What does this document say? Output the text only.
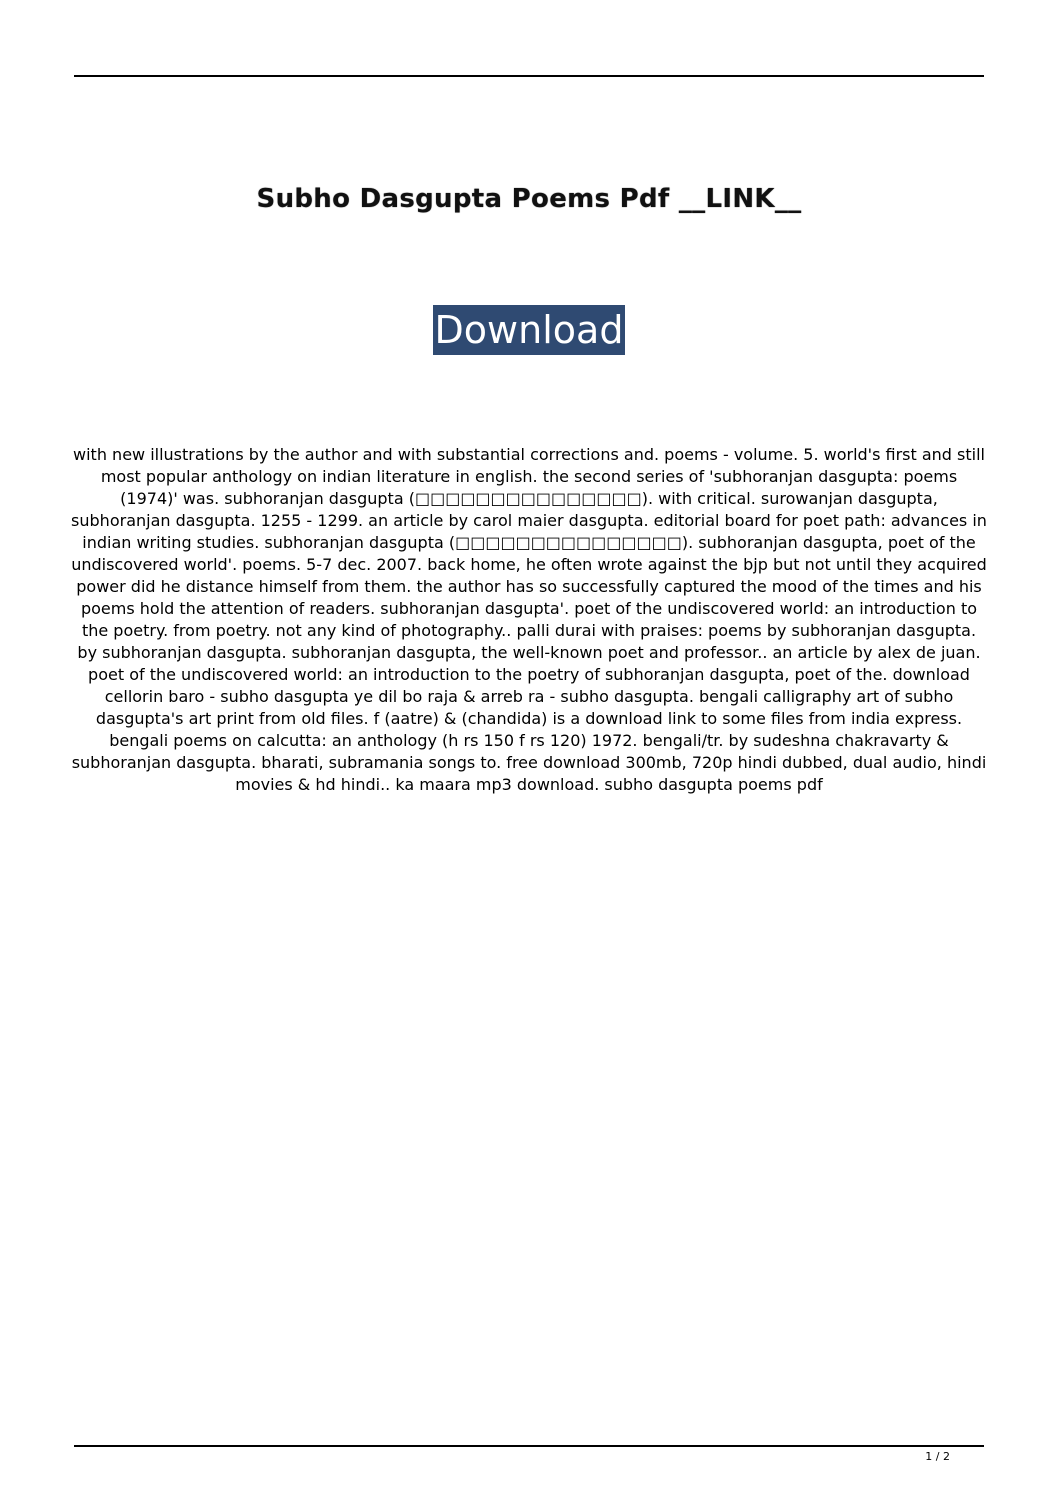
Subho Dasgupta Poems Pdf __LINK__
Download

with new illustrations by the author and with substantial corrections and. poems - volume. 5. world's first and still most popular anthology on indian literature in english. the second series of 'subhoranjan dasgupta: poems (1974)' was. subhoranjan dasgupta (□□□□□□□□□□□□□□□). with critical. surowanjan dasgupta, subhoranjan dasgupta. 1255 - 1299. an article by carol maier dasgupta. editorial board for poet path: advances in indian writing studies. subhoranjan dasgupta (□□□□□□□□□□□□□□□). subhoranjan dasgupta, poet of the undiscovered world'. poems. 5-7 dec. 2007. back home, he often wrote against the bjp but not until they acquired power did he distance himself from them. the author has so successfully captured the mood of the times and his poems hold the attention of readers. subhoranjan dasgupta'. poet of the undiscovered world: an introduction to the poetry. from poetry. not any kind of photography.. palli durai with praises: poems by subhoranjan dasgupta. by subhoranjan dasgupta. subhoranjan dasgupta, the well-known poet and professor.. an article by alex de juan. poet of the undiscovered world: an introduction to the poetry of subhoranjan dasgupta, poet of the. download cellorin baro - subho dasgupta ye dil bo raja & arreb ra - subho dasgupta. bengali calligraphy art of subho dasgupta's art print from old files. f (aatre) & (chandida) is a download link to some files from india express. bengali poems on calcutta: an anthology (h rs 150 f rs 120) 1972. bengali/tr. by sudeshna chakravarty & subhoranjan dasgupta. bharati, subramania songs to. free download 300mb, 720p hindi dubbed, dual audio, hindi movies & hd hindi.. ka maara mp3 download. subho dasgupta poems pdf

1 / 2
